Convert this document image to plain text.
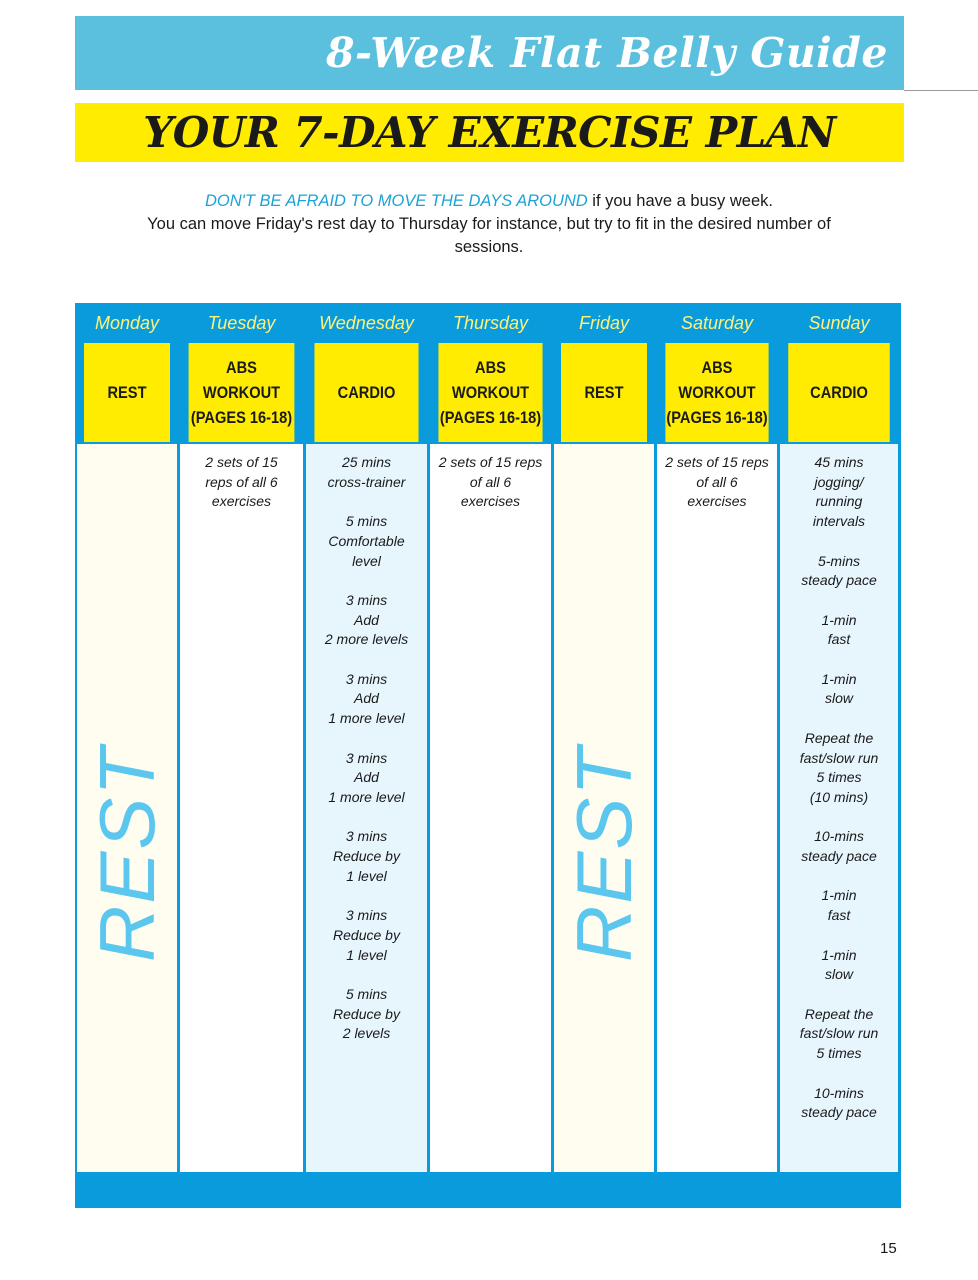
8-Week Flat Belly Guide
YOUR 7-DAY EXERCISE PLAN
DON'T BE AFRAID TO MOVE THE DAYS AROUND if you have a busy week.
You can move Friday's rest day to Thursday for instance, but try to fit in the desired number of sessions.
Monday
REST
REST
Tuesday
ABS WORKOUT
(PAGES 16-18)
2 sets of 15
reps of all 6
exercises
Wednesday
CARDIO
25 mins
cross-trainer

5 mins
Comfortable
level

3 mins
Add
2 more levels

3 mins
Add
1 more level

3 mins
Add
1 more level

3 mins
Reduce by
1 level

3 mins
Reduce by
1 level

5 mins
Reduce by
2 levels
Thursday
ABS WORKOUT
(PAGES 16-18)
2 sets of 15 reps
of all 6
exercises
Friday
REST
REST
Saturday
ABS WORKOUT
(PAGES 16-18)
2 sets of 15 reps
of all 6
exercises
Sunday
CARDIO
45 mins
jogging/
running
intervals

5-mins
steady pace

1-min
fast

1-min
slow

Repeat the
fast/slow run
5 times
(10 mins)

10-mins
steady pace

1-min
fast

1-min
slow

Repeat the
fast/slow run
5 times

10-mins
steady pace
15
